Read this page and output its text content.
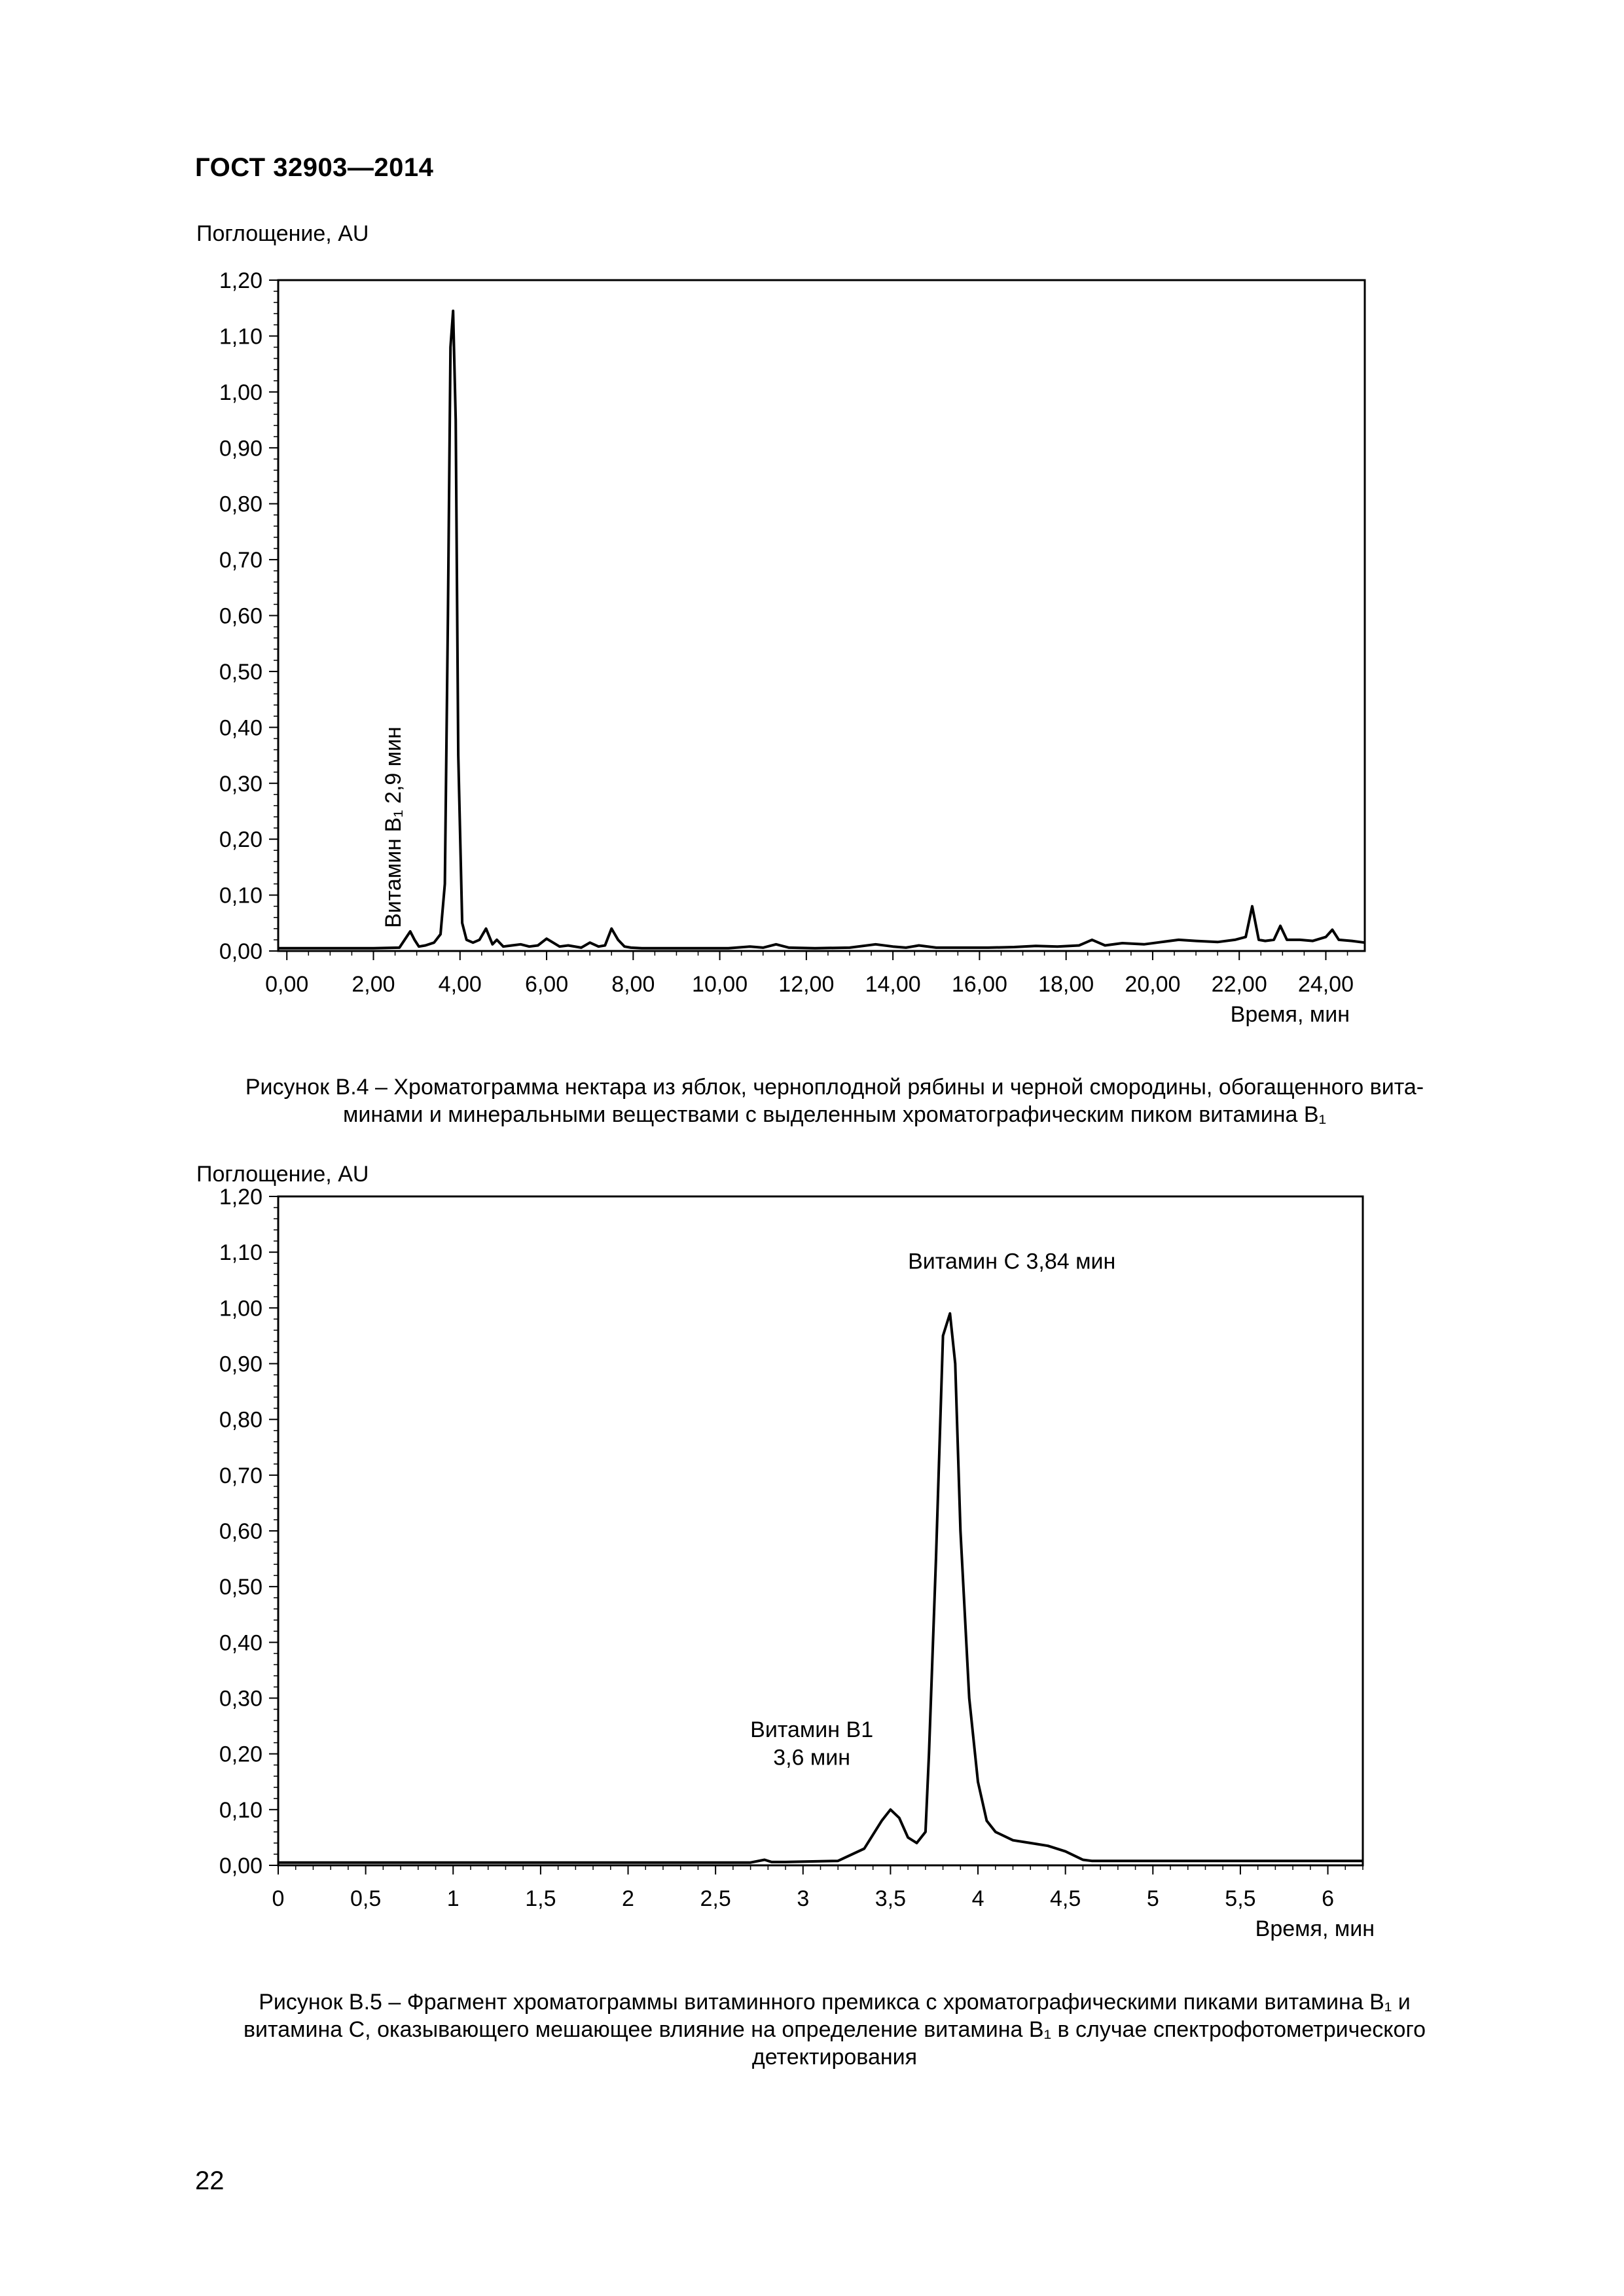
ГОСТ 32903—2014
Поглощение, AU
0,00
0,10
0,20
0,30
0,40
0,50
0,60
0,70
0,80
0,90
1,00
1,10
1,20
0,00 2,00 4,00 6,00 8,00 10,00 12,00 14,00 16,00 18,00 20,00 22,00 24,00
Время, мин
Витамин В₁ 2,9 мин
Рисунок В.4 – Хроматограмма нектара из яблок, черноплодной рябины и черной смородины, обогащенного вита-
минами и минеральными веществами с выделенным хроматографическим пиком витамина В₁
Поглощение, AU
0,00
0,10
0,20
0,30
0,40
0,50
0,60
0,70
0,80
0,90
1,00
1,10
1,20
0	0,5	1	1,5	2	2,5	3	3,5	4	4,5	5	5,5	6
Время, мин
Витамин С 3,84 мин
Витамин В1
3,6 мин
Рисунок В.5 – Фрагмент хроматограммы витаминного премикса с хроматографическими пиками витамина В₁ и
витамина С, оказывающего мешающее влияние на определение витамина В₁ в случае спектрофотометрического
детектирования
22
